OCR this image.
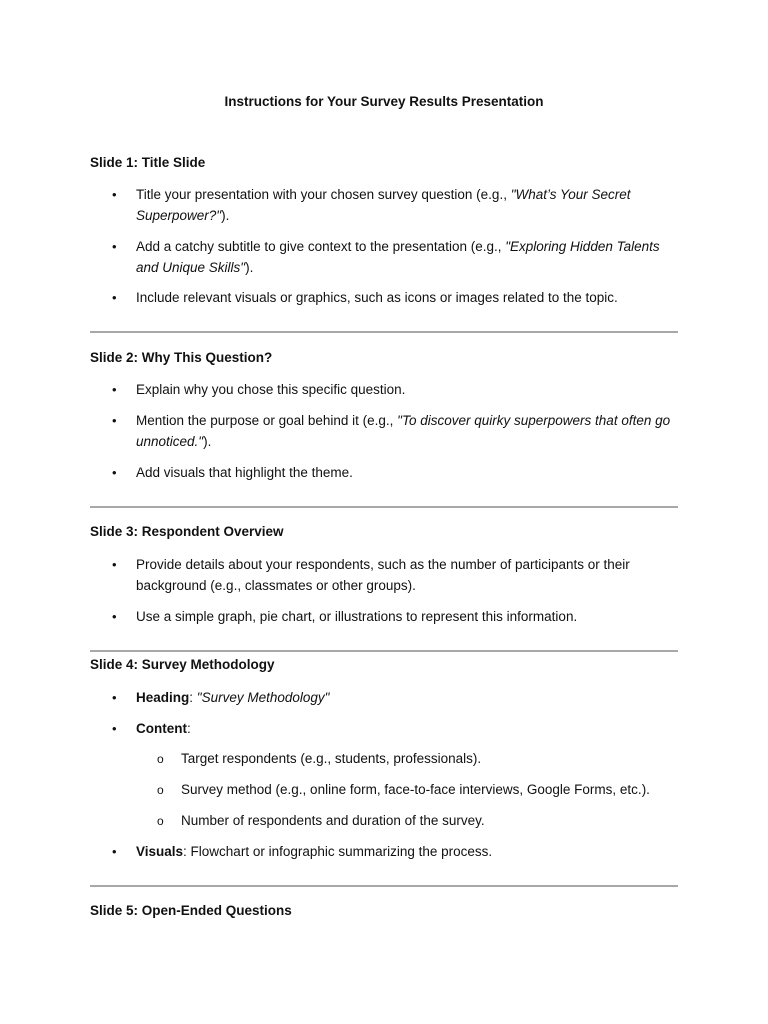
Instructions for Your Survey Results Presentation
Slide 1: Title Slide
• Title your presentation with your chosen survey question (e.g., "What’s Your Secret Superpower?").
• Add a catchy subtitle to give context to the presentation (e.g., "Exploring Hidden Talents and Unique Skills").
• Include relevant visuals or graphics, such as icons or images related to the topic.
Slide 2: Why This Question?
• Explain why you chose this specific question.
• Mention the purpose or goal behind it (e.g., "To discover quirky superpowers that often go unnoticed.").
• Add visuals that highlight the theme.
Slide 3: Respondent Overview
• Provide details about your respondents, such as the number of participants or their background (e.g., classmates or other groups).
• Use a simple graph, pie chart, or illustrations to represent this information.
Slide 4: Survey Methodology
• Heading: "Survey Methodology"
• Content:
o Target respondents (e.g., students, professionals).
o Survey method (e.g., online form, face-to-face interviews, Google Forms, etc.).
o Number of respondents and duration of the survey.
• Visuals: Flowchart or infographic summarizing the process.
Slide 5: Open-Ended Questions
